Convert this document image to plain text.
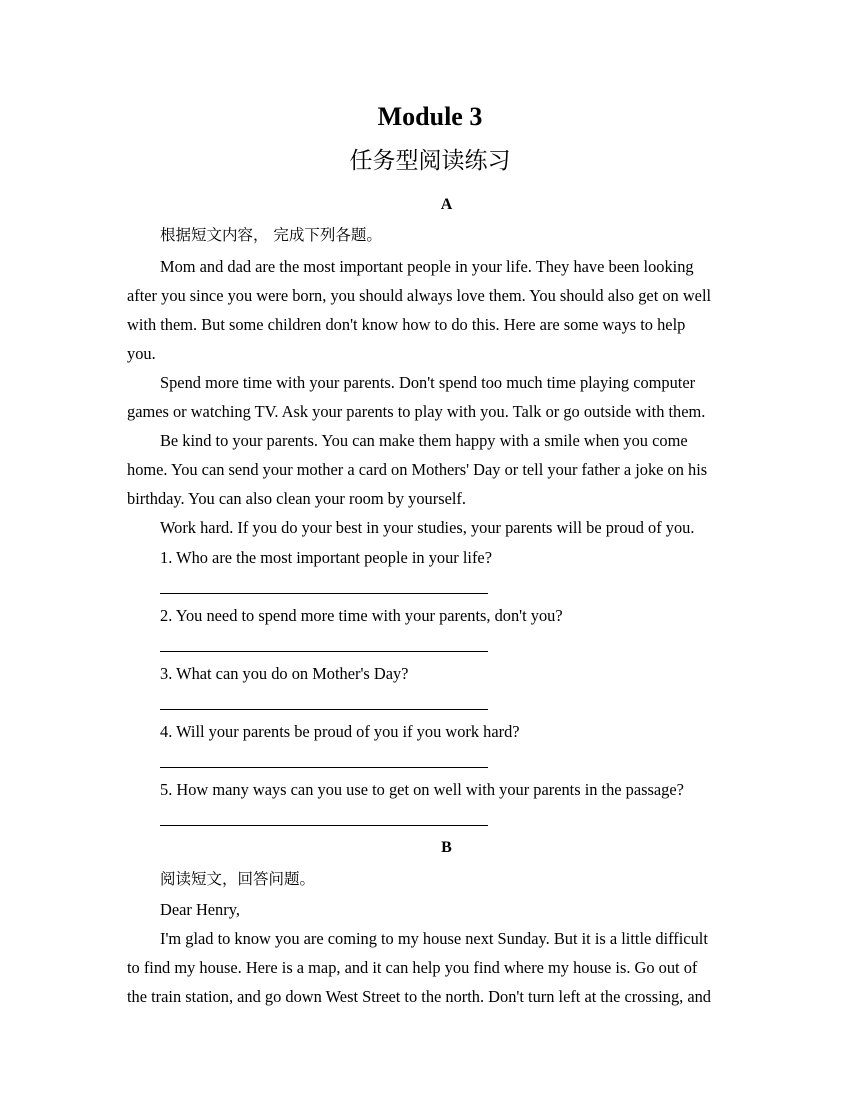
Module 3
任务型阅读练习
A
根据短文内容， 完成下列各题。
Mom and dad are the most important people in your life. They have been looking
after you since you were born, you should always love them. You should also get on well
with them. But some children don't know how to do this. Here are some ways to help
you.
Spend more time with your parents. Don't spend too much time playing computer
games or watching TV. Ask your parents to play with you. Talk or go outside with them.
Be kind to your parents. You can make them happy with a smile when you come
home. You can send your mother a card on Mothers' Day or tell your father a joke on his
birthday. You can also clean your room by yourself.
Work hard. If you do your best in your studies, your parents will be proud of you.
1. Who are the most important people in your life?
2. You need to spend more time with your parents, don't you?
3. What can you do on Mother's Day?
4. Will your parents be proud of you if you work hard?
5. How many ways can you use to get on well with your parents in the passage?
B
阅读短文，回答问题。
Dear Henry,
I'm glad to know you are coming to my house next Sunday. But it is a little difficult
to find my house. Here is a map, and it can help you find where my house is. Go out of
the train station, and go down West Street to the north. Don't turn left at the crossing, and
